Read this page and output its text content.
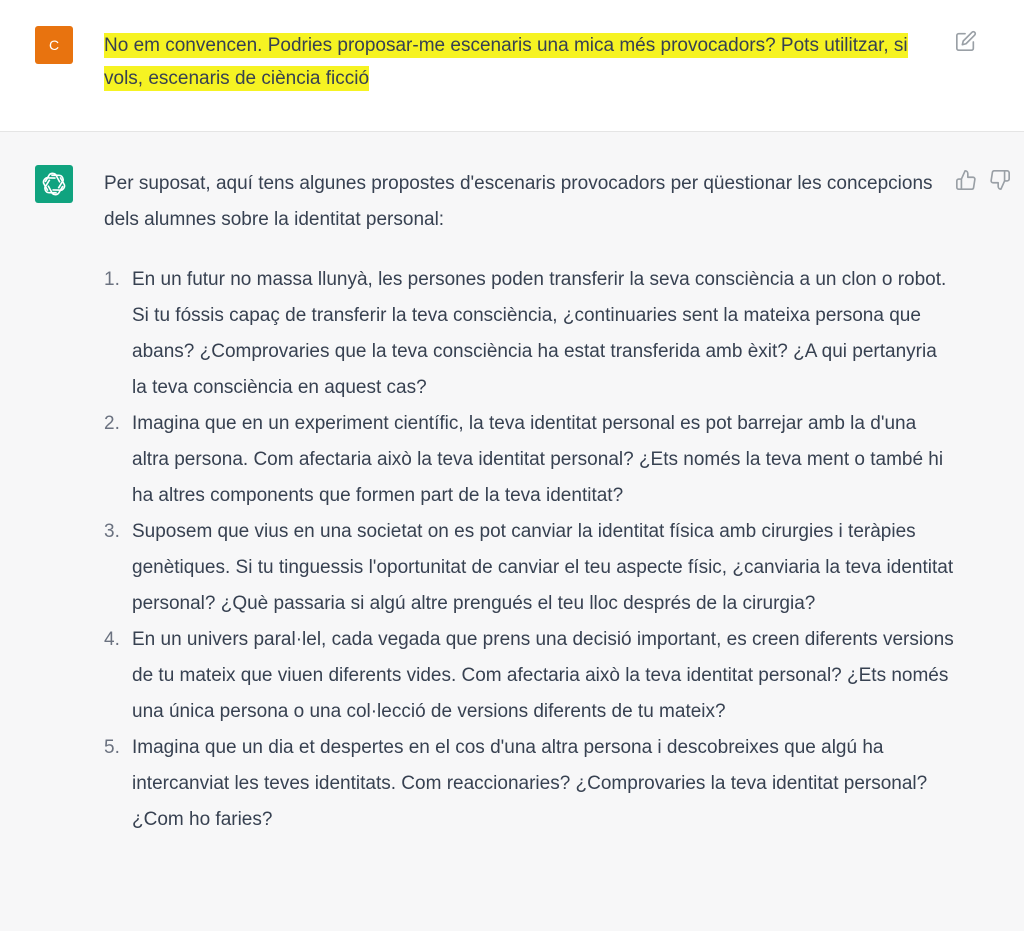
C No em convencen. Podries proposar-me escenaris una mica més provocadors? Pots utilitzar, si vols, escenaris de ciència ficció

Per suposat, aquí tens algunes propostes d'escenaris provocadors per qüestionar les concepcions dels alumnes sobre la identitat personal:

1. En un futur no massa llunyà, les persones poden transferir la seva consciència a un clon o robot. Si tu fóssis capaç de transferir la teva consciència, ¿continuaries sent la mateixa persona que abans? ¿Comprovaries que la teva consciència ha estat transferida amb èxit? ¿A qui pertanyria la teva consciència en aquest cas?
2. Imagina que en un experiment científic, la teva identitat personal es pot barrejar amb la d'una altra persona. Com afectaria això la teva identitat personal? ¿Ets només la teva ment o també hi ha altres components que formen part de la teva identitat?
3. Suposem que vius en una societat on es pot canviar la identitat física amb cirurgies i teràpies genètiques. Si tu tinguessis l'oportunitat de canviar el teu aspecte físic, ¿canviaria la teva identitat personal? ¿Què passaria si algú altre prengués el teu lloc després de la cirurgia?
4. En un univers paral·lel, cada vegada que prens una decisió important, es creen diferents versions de tu mateix que viuen diferents vides. Com afectaria això la teva identitat personal? ¿Ets només una única persona o una col·lecció de versions diferents de tu mateix?
5. Imagina que un dia et despertes en el cos d'una altra persona i descobreixes que algú ha intercanviat les teves identitats. Com reaccionaries? ¿Comprovaries la teva identitat personal? ¿Com ho faries?
